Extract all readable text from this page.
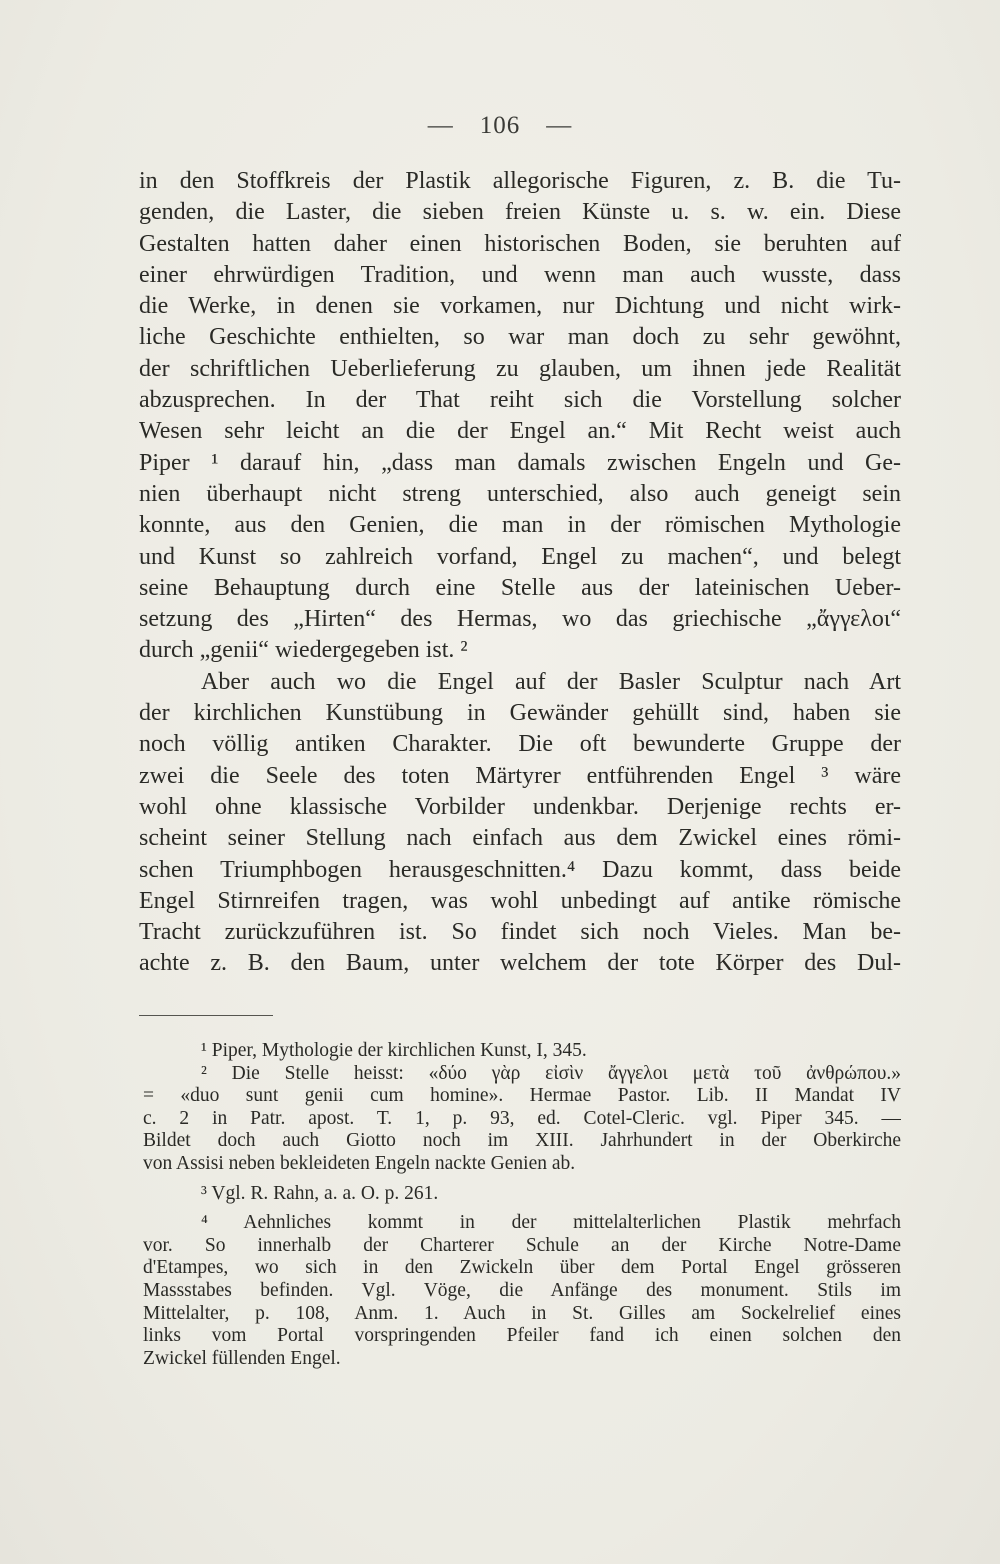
— 106 —
in den Stoffkreis der Plastik allegorische Figuren, z. B. die Tu-
genden, die Laster, die sieben freien Künste u. s. w. ein. Diese
Gestalten hatten daher einen historischen Boden, sie beruhten auf
einer ehrwürdigen Tradition, und wenn man auch wusste, dass
die Werke, in denen sie vorkamen, nur Dichtung und nicht wirk-
liche Geschichte enthielten, so war man doch zu sehr gewöhnt,
der schriftlichen Ueberlieferung zu glauben, um ihnen jede Realität
abzusprechen. In der That reiht sich die Vorstellung solcher
Wesen sehr leicht an die der Engel an.“ Mit Recht weist auch
Piper ¹ darauf hin, „dass man damals zwischen Engeln und Ge-
nien überhaupt nicht streng unterschied, also auch geneigt sein
konnte, aus den Genien, die man in der römischen Mythologie
und Kunst so zahlreich vorfand, Engel zu machen“, und belegt
seine Behauptung durch eine Stelle aus der lateinischen Ueber-
setzung des „Hirten“ des Hermas, wo das griechische „ἄγγελοι“
durch „genii“ wiedergegeben ist. ²
Aber auch wo die Engel auf der Basler Sculptur nach Art
der kirchlichen Kunstübung in Gewänder gehüllt sind, haben sie
noch völlig antiken Charakter. Die oft bewunderte Gruppe der
zwei die Seele des toten Märtyrer entführenden Engel ³ wäre
wohl ohne klassische Vorbilder undenkbar. Derjenige rechts er-
scheint seiner Stellung nach einfach aus dem Zwickel eines römi-
schen Triumphbogen herausgeschnitten.⁴ Dazu kommt, dass beide
Engel Stirnreifen tragen, was wohl unbedingt auf antike römische
Tracht zurückzuführen ist. So findet sich noch Vieles. Man be-
achte z. B. den Baum, unter welchem der tote Körper des Dul-
¹ Piper, Mythologie der kirchlichen Kunst, I, 345.
² Die Stelle heisst: «δύο γὰρ εἰσὶν ἄγγελοι μετὰ τοῦ ἀνθρώπου.»
= «duo sunt genii cum homine». Hermae Pastor. Lib. II Mandat IV
c. 2 in Patr. apost. T. 1, p. 93, ed. Cotel-Cleric. vgl. Piper 345. —
Bildet doch auch Giotto noch im XIII. Jahrhundert in der Oberkirche
von Assisi neben bekleideten Engeln nackte Genien ab.
³ Vgl. R. Rahn, a. a. O. p. 261.
⁴ Aehnliches kommt in der mittelalterlichen Plastik mehrfach
vor. So innerhalb der Charterer Schule an der Kirche Notre-Dame
d'Etampes, wo sich in den Zwickeln über dem Portal Engel grösseren
Massstabes befinden. Vgl. Vöge, die Anfänge des monument. Stils im
Mittelalter, p. 108, Anm. 1. Auch in St. Gilles am Sockelrelief eines
links vom Portal vorspringenden Pfeiler fand ich einen solchen den
Zwickel füllenden Engel.
